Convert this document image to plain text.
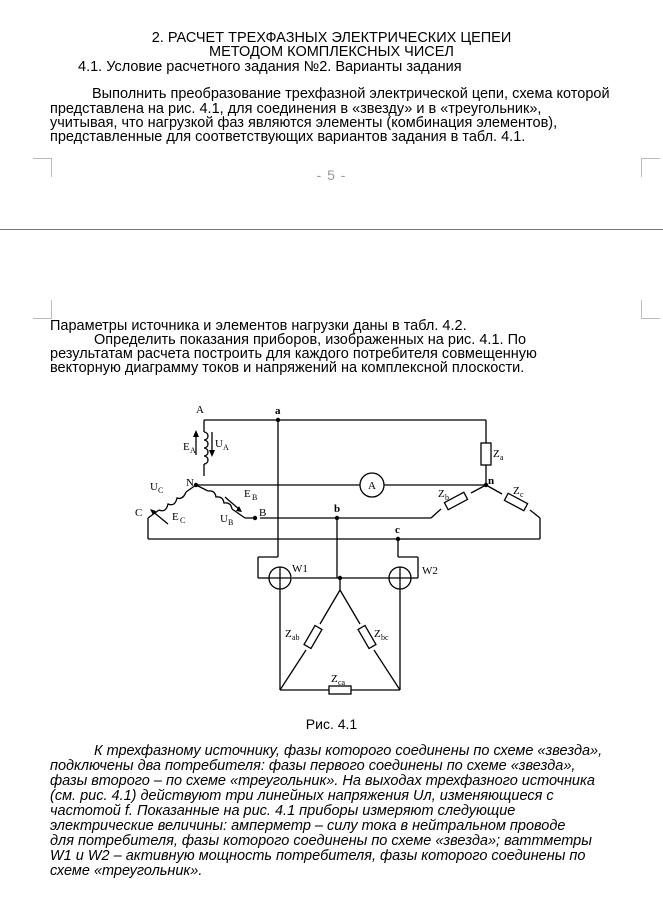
2. РАСЧЕТ ТРЕХФАЗНЫХ ЭЛЕКТРИЧЕСКИХ ЦЕПЕИ
МЕТОДОМ КОМПЛЕКСНЫХ ЧИСЕЛ
4.1. Условие расчетного задания №2. Варианты задания
Выполнить преобразование трехфазной электрической цепи, схема которой
представлена на рис. 4.1, для соединения в «звезду» и в «треугольник»,
учитывая, что нагрузкой фаз являются элементы (комбинация элементов),
представленные для соответствующих вариантов задания в табл. 4.1.
- 5 -
Параметры источника и элементов нагрузки даны в табл. 4.2.
Определить показания приборов, изображенных на рис. 4.1. По
результатам расчета построить для каждого потребителя совмещенную
векторную диаграмму токов и напряжений на комплексной плоскости.
A	a
E A
U A
N	n
U C
E C
E B
U B
C	B	b
c
A
Z a
Z b
Z c
W1	W2
Z ab	Z bc
Z ca
Рис. 4.1
К трехфазному источнику, фазы которого соединены по схеме «звезда»,
подключены два потребителя: фазы первого соединены по схеме «звезда»,
фазы второго – по схеме «треугольник». На выходах трехфазного источника
(см. рис. 4.1) действуют три линейных напряжения Uл, изменяющиеся с
частотой f. Показанные на рис. 4.1 приборы измеряют следующие
электрические величины: амперметр – силу тока в нейтральном проводе
для потребителя, фазы которого соединены по схеме «звезда»; ваттметры
W1 и W2 – активную мощность потребителя, фазы которого соединены по
схеме «треугольник».
